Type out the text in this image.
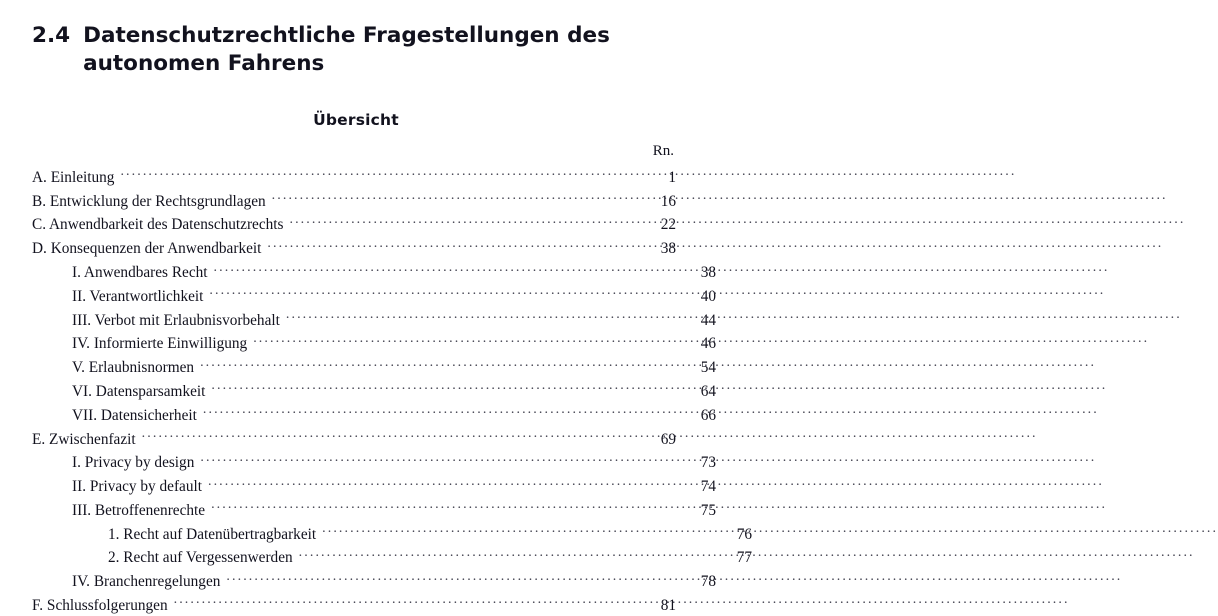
2.4 Datenschutzrechtliche Fragestellungen des autonomen Fahrens
Übersicht
Rn.
A. Einleitung .....	1
B. Entwicklung der Rechtsgrundlagen .....	16
C. Anwendbarkeit des Datenschutzrechts .....	22
D. Konsequenzen der Anwendbarkeit .....	38
I. Anwendbares Recht .....	38
II. Verantwortlichkeit .....	40
III. Verbot mit Erlaubnisvorbehalt .....	44
IV. Informierte Einwilligung .....	46
V. Erlaubnisnormen .....	54
VI. Datensparsamkeit .....	64
VII. Datensicherheit .....	66
E. Zwischenfazit .....	69
I. Privacy by design .....	73
II. Privacy by default .....	74
III. Betroffenenrechte .....	75
1. Recht auf Datenübertragbarkeit .....	76
2. Recht auf Vergessenwerden .....	77
IV. Branchenregelungen .....	78
F. Schlussfolgerungen .....	81
